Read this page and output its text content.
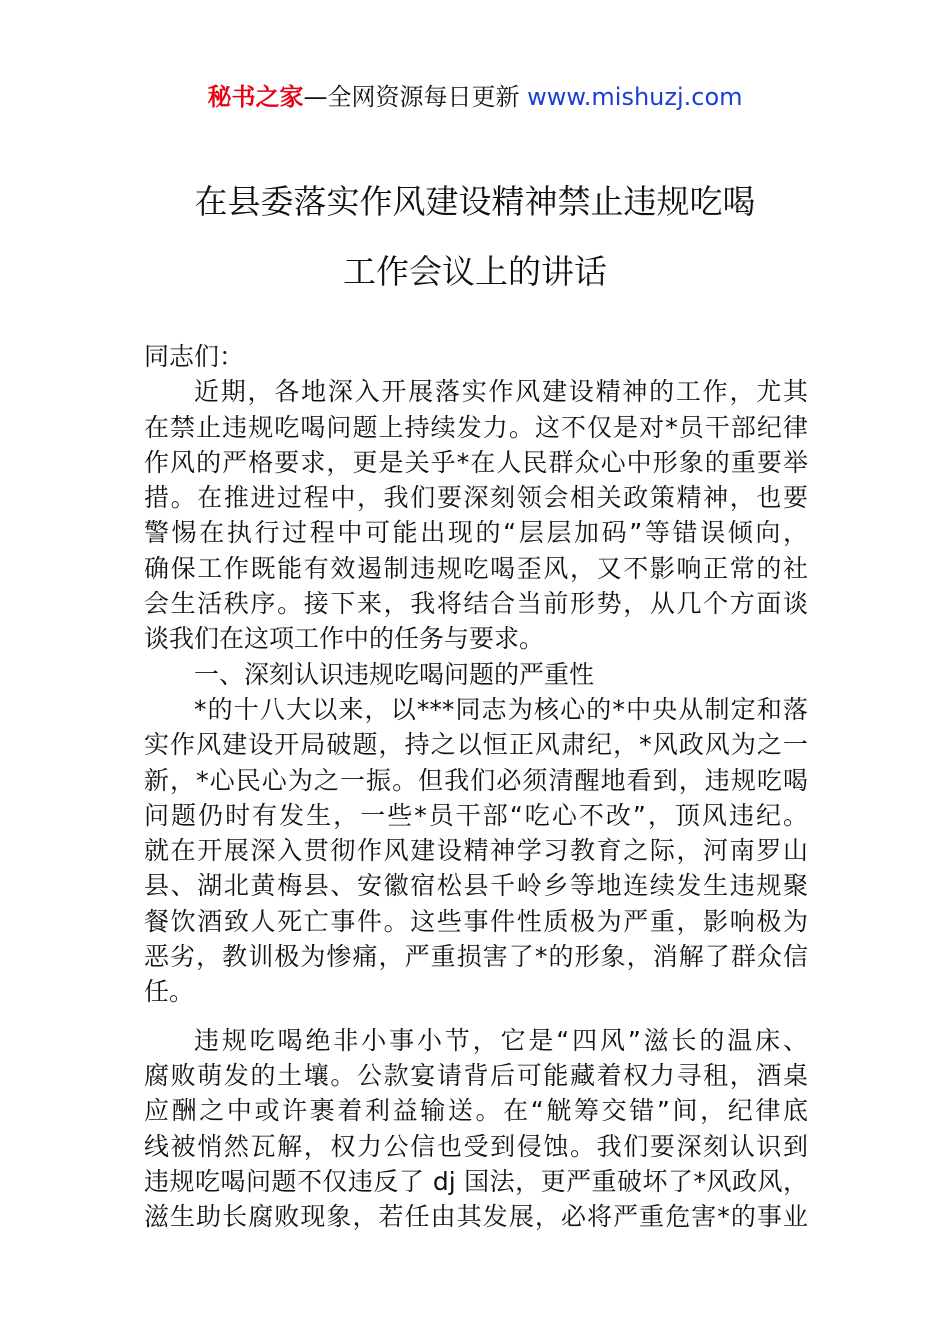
秘书之家—全网资源每日更新 www.mishuzj.com
在县委落实作风建设精神禁止违规吃喝
工作会议上的讲话
同志们：
近期，各地深入开展落实作风建设精神的工作，尤其
在禁止违规吃喝问题上持续发力。这不仅是对*员干部纪律
作风的严格要求，更是关乎*在人民群众心中形象的重要举
措。在推进过程中，我们要深刻领会相关政策精神，也要
警惕在执行过程中可能出现的“层层加码”等错误倾向，
确保工作既能有效遏制违规吃喝歪风，又不影响正常的社
会生活秩序。接下来，我将结合当前形势，从几个方面谈
谈我们在这项工作中的任务与要求。
一、深刻认识违规吃喝问题的严重性
*的十八大以来，以***同志为核心的*中央从制定和落
实作风建设开局破题，持之以恒正风肃纪，*风政风为之一
新，*心民心为之一振。但我们必须清醒地看到，违规吃喝
问题仍时有发生，一些*员干部“吃心不改”，顶风违纪。
就在开展深入贯彻作风建设精神学习教育之际，河南罗山
县、湖北黄梅县、安徽宿松县千岭乡等地连续发生违规聚
餐饮酒致人死亡事件。这些事件性质极为严重，影响极为
恶劣，教训极为惨痛，严重损害了*的形象，消解了群众信
任。
违规吃喝绝非小事小节，它是“四风”滋长的温床、
腐败萌发的土壤。公款宴请背后可能藏着权力寻租，酒桌
应酬之中或许裹着利益输送。在“觥筹交错”间，纪律底
线被悄然瓦解，权力公信也受到侵蚀。我们要深刻认识到
违规吃喝问题不仅违反了 dj 国法，更严重破坏了*风政风，
滋生助长腐败现象，若任由其发展，必将严重危害*的事业
